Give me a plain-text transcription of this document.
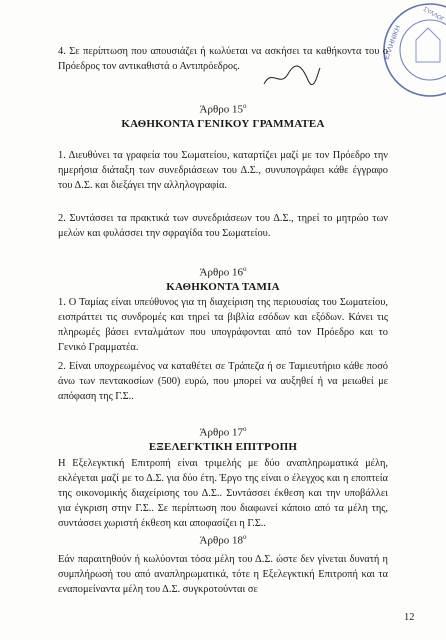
ΕΛΛΗΝΙΚΗ
ΣΥΛΛΟΓ
4. Σε περίπτωση που απουσιάζει ή κωλύεται να ασκήσει τα καθήκοντα του ο Πρόεδρος τον αντικαθιστά ο Αντιπρόεδρος.
Άρθρο $15^o$
ΚΑΘΗΚΟΝΤΑ ΓΕΝΙΚΟΥ ΓΡΑΜΜΑΤΕΑ
1. Διευθύνει τα γραφεία του Σωματείου, καταρτίζει μαζί με τον Πρόεδρο την ημερήσια διάταξη των συνεδριάσεων του Δ.Σ., συνυπογράφει κάθε έγγραφο του Δ.Σ. και διεξάγει την αλληλογραφία.
2. Συντάσσει τα πρακτικά των συνεδριάσεων του Δ.Σ., τηρεί το μητρώο των μελών και φυλάσσει την σφραγίδα του Σωματείου.
Άρθρο $16^o$
ΚΑΘΗΚΟΝΤΑ ΤΑΜΙΑ
1. Ο Ταμίας είναι υπεύθυνος για τη διαχείριση της περιουσίας του Σωματείου, εισπράττει τις συνδρομές και τηρεί τα βιβλία εσόδων και εξόδων. Κάνει τις πληρωμές βάσει ενταλμάτων που υπογράφονται από τον Πρόεδρο και το Γενικό Γραμματέα.
2. Είναι υποχρεωμένος να καταθέτει σε Τράπεζα ή σε Ταμιευτήριο κάθε ποσό άνω των πεντακοσίων (500) ευρώ, που μπορεί να αυξηθεί ή να μειωθεί με απόφαση της Γ.Σ..
Άρθρο $17^o$
ΕΞΕΛΕΓΚΤΙΚΗ ΕΠΙΤΡΟΠΗ
Η Εξελεγκτική Επιτροπή είναι τριμελής με δύο αναπληρωματικά μέλη, εκλέγεται μαζί με το Δ.Σ. για δύο έτη. Έργο της είναι ο έλεγχος και η εποπτεία της οικονομικής διαχείρισης του Δ.Σ.. Συντάσσει έκθεση και την υποβάλλει για έγκριση στην Γ.Σ.. Σε περίπτωση που διαφωνεί κάποιο από τα μέλη της, συντάσσει χωριστή έκθεση και αποφασίζει η Γ.Σ..
Άρθρο $18^o$
Εάν παραιτηθούν ή κωλύονται τόσα μέλη του Δ.Σ. ώστε δεν γίνεται δυνατή η συμπλήρωσή του από αναπληρωματικά, τότε η Εξελεγκτική Επιτροπή και τα εναπομείναντα μέλη του Δ.Σ. συγκροτούνται σε
12
